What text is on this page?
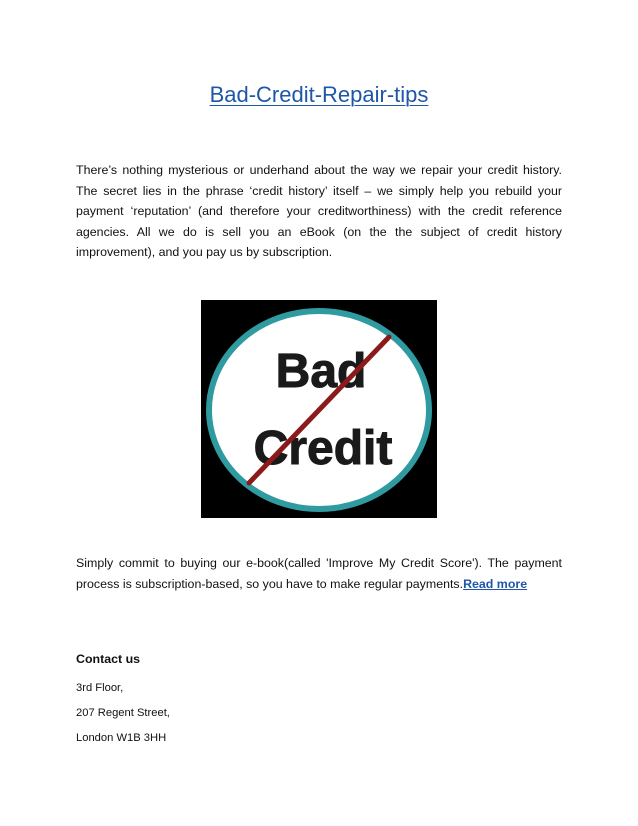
Bad-Credit-Repair-tips

There’s nothing mysterious or underhand about the way we repair your credit history. The secret lies in the phrase ‘credit history’ itself – we simply help you rebuild your payment ‘reputation’ (and therefore your creditworthiness) with the credit reference agencies. All we do is sell you an eBook (on the the subject of credit history improvement), and you pay us by subscription.

Bad
Credit

Simply commit to buying our e-book(called 'Improve My Credit Score'). The payment process is subscription-based, so you have to make regular payments.Read more

Contact us

3rd Floor,

207 Regent Street,

London W1B 3HH
